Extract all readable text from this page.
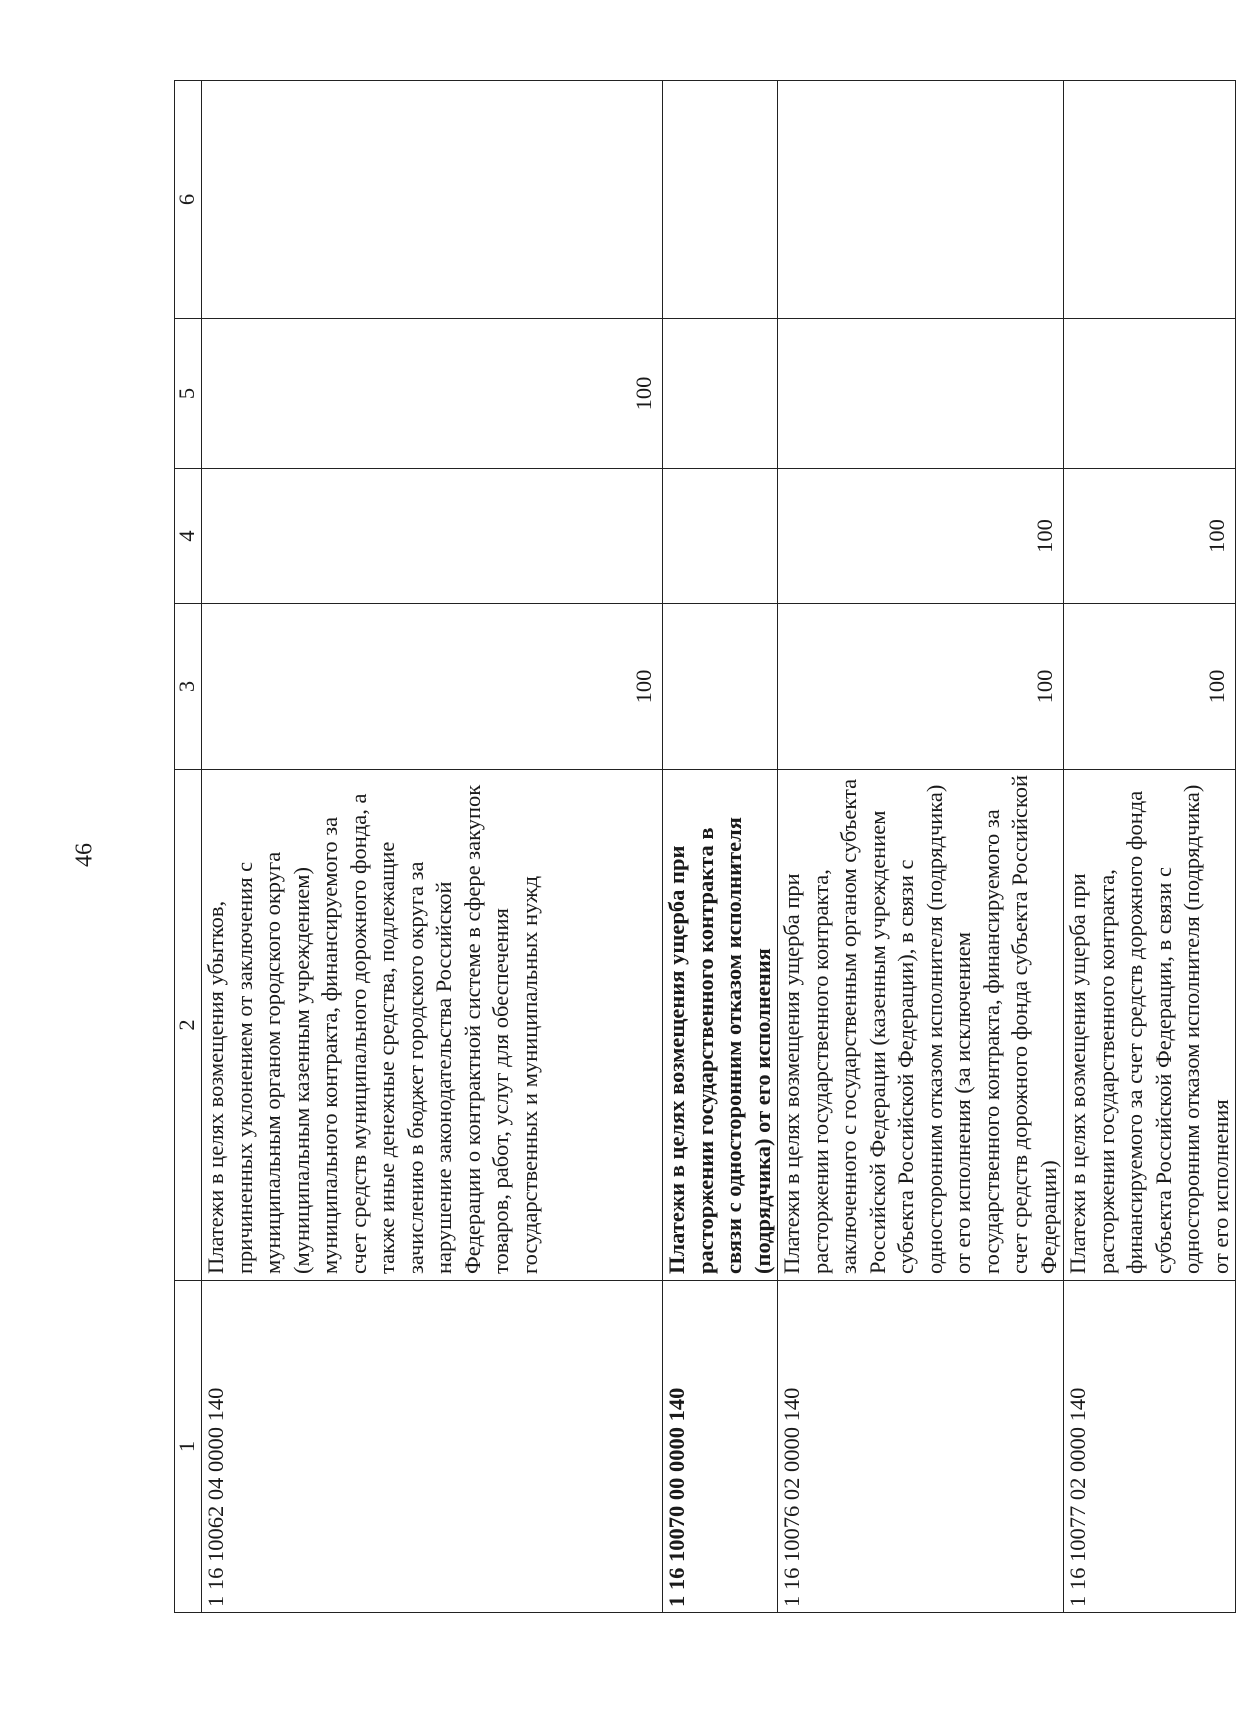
46
1	2	3	4	5	6
1 16 10062 04 0000 140	Платежи в целях возмещения убытков, причиненных уклонением от заключения с муниципальным органом городского округа (муниципальным казенным учреждением) муниципального контракта, финансируемого за счет средств муниципального дорожного фонда, а также иные денежные средства, подлежащие зачислению в бюджет городского округа за нарушение законодательства Российской Федерации о контрактной системе в сфере закупок товаров, работ, услуг для обеспечения государственных и муниципальных нужд	100		100	
1 16 10070 00 0000 140	Платежи в целях возмещения ущерба при расторжении государственного контракта в связи с односторонним отказом исполнителя (подрядчика) от его исполнения				
1 16 10076 02 0000 140	Платежи в целях возмещения ущерба при расторжении государственного контракта, заключенного с государственным органом субъекта Российской Федерации (казенным учреждением субъекта Российской Федерации), в связи с односторонним отказом исполнителя (подрядчика) от его исполнения (за исключением государственного контракта, финансируемого за счет средств дорожного фонда субъекта Российской Федерации)	100	100		
1 16 10077 02 0000 140	Платежи в целях возмещения ущерба при расторжении государственного контракта, финансируемого за счет средств дорожного фонда субъекта Российской Федерации, в связи с односторонним отказом исполнителя (подрядчика) от его исполнения	100	100		
